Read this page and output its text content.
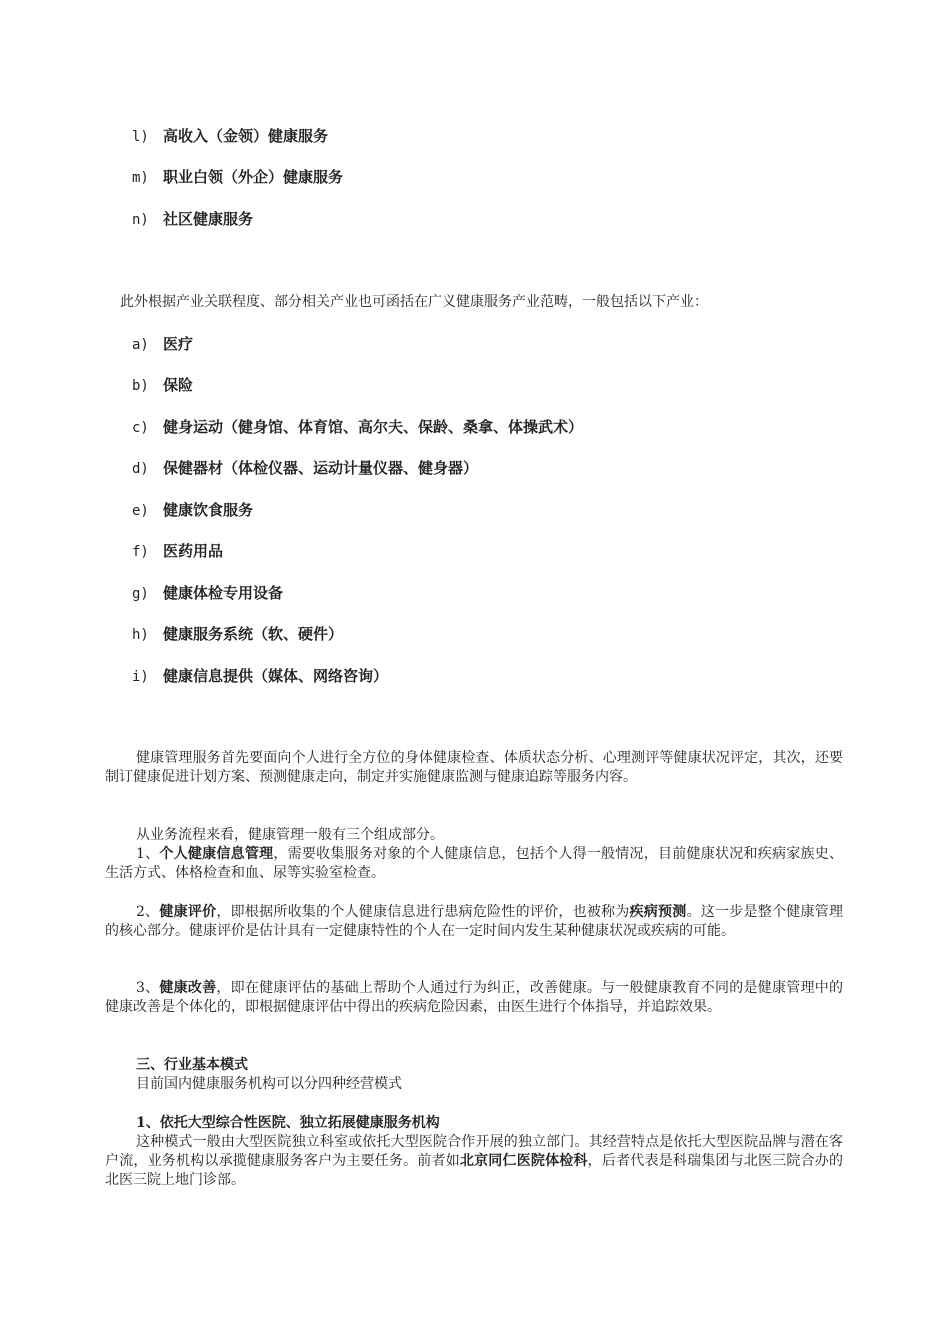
l) 高收入（金领）健康服务
m) 职业白领（外企）健康服务
n) 社区健康服务
此外根据产业关联程度、部分相关产业也可函括在广义健康服务产业范畴，一般包括以下产业：
a) 医疗
b) 保险
c) 健身运动（健身馆、体育馆、高尔夫、保龄、桑拿、体操武术）
d) 保健器材（体检仪器、运动计量仪器、健身器）
e) 健康饮食服务
f) 医药用品
g) 健康体检专用设备
h) 健康服务系统（软、硬件）
i) 健康信息提供（媒体、网络咨询）
健康管理服务首先要面向个人进行全方位的身体健康检查、体质状态分析、心理测评等健康状况评定，其次，还要制订健康促进计划方案、预测健康走向，制定并实施健康监测与健康追踪等服务内容。
从业务流程来看，健康管理一般有三个组成部分。
1、个人健康信息管理，需要收集服务对象的个人健康信息，包括个人得一般情况，目前健康状况和疾病家族史、生活方式、体格检查和血、尿等实验室检查。
2、健康评价，即根据所收集的个人健康信息进行患病危险性的评价，也被称为疾病预测。这一步是整个健康管理的核心部分。健康评价是估计具有一定健康特性的个人在一定时间内发生某种健康状况或疾病的可能。
3、健康改善，即在健康评估的基础上帮助个人通过行为纠正，改善健康。与一般健康教育不同的是健康管理中的健康改善是个体化的，即根据健康评估中得出的疾病危险因素，由医生进行个体指导，并追踪效果。
三、行业基本模式
目前国内健康服务机构可以分四种经营模式
1、依托大型综合性医院、独立拓展健康服务机构
这种模式一般由大型医院独立科室或依托大型医院合作开展的独立部门。其经营特点是依托大型医院品牌与潜在客户流，业务机构以承揽健康服务客户为主要任务。前者如北京同仁医院体检科，后者代表是科瑞集团与北医三院合办的北医三院上地门诊部。
